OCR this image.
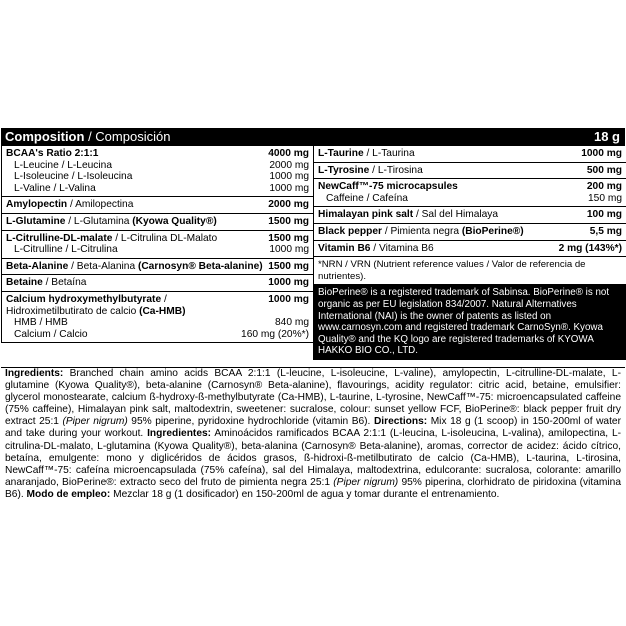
Composition / Composición	18 g
BCAA's Ratio 2:1:1	4000 mg
L-Leucine / L-Leucina	2000 mg
L-Isoleucine / L-Isoleucina	1000 mg
L-Valine / L-Valina	1000 mg
Amylopectin / Amilopectina	2000 mg
L-Glutamine / L-Glutamina (Kyowa Quality®)	1500 mg
L-Citrulline-DL-malate / L-Citrulina DL-Malato	1500 mg
L-Citrulline / L-Citrulina	1000 mg
Beta-Alanine / Beta-Alanina (Carnosyn® Beta-alanine) 1500 mg
Betaine / Betaína	1000 mg
Calcium hydroxymethylbutyrate /	1000 mg
Hidroximetilbutirato de calcio (Ca-HMB)
HMB / HMB	840 mg
Calcium / Calcio	160 mg (20%*)
L-Taurine / L-Taurina	1000 mg
L-Tyrosine / L-Tirosina	500 mg
NewCaff™-75 microcapsules	200 mg
Caffeine / Cafeína	150 mg
Himalayan pink salt / Sal del Himalaya	100 mg
Black pepper / Pimienta negra (BioPerine®)	5,5 mg
Vitamin B6 / Vitamina B6	2 mg (143%*)
*NRN / VRN (Nutrient reference values / Valor de referencia de nutrientes).
BioPerine® is a registered trademark of Sabinsa. BioPerine® is not organic as per EU legislation 834/2007. Natural Alternatives International (NAI) is the owner of patents as listed on www.carnosyn.com and registered trademark CarnoSyn®. Kyowa Quality® and the KQ logo are registered trademarks of KYOWA HAKKO BIO CO., LTD.
Ingredients: Branched chain amino acids BCAA 2:1:1 (L-leucine, L-isoleucine, L-valine), amylopectin, L-citrulline-DL-malate, L-glutamine (Kyowa Quality®), beta-alanine (Carnosyn® Beta-alanine), flavourings, acidity regulator: citric acid, betaine, emulsifier: glycerol monostearate, calcium ß-hydroxy-ß-methylbutyrate (Ca-HMB), L-taurine, L-tyrosine, NewCaff™-75: microencapsulated caffeine (75% caffeine), Himalayan pink salt, maltodextrin, sweetener: sucralose, colour: sunset yellow FCF, BioPerine®: black pepper fruit dry extract 25:1 (Piper nigrum) 95% piperine, pyridoxine hydrochloride (vitamin B6). Directions: Mix 18 g (1 scoop) in 150-200ml of water and take during your workout. Ingredientes: Aminoácidos ramificados BCAA 2:1:1 (L-leucina, L-isoleucina, L-valina), amilopectina, L-citrulina-DL-malato, L-glutamina (Kyowa Quality®), beta-alanina (Carnosyn® Beta-alanine), aromas, corrector de acidez: ácido cítrico, betaína, emulgente: mono y diglicéridos de ácidos grasos, ß-hidroxi-ß-metilbutirato de calcio (Ca-HMB), L-taurina, L-tirosina, NewCaff™-75: cafeína microencapsulada (75% cafeína), sal del Himalaya, maltodextrina, edulcorante: sucralosa, colorante: amarillo anaranjado, BioPerine®: extracto seco del fruto de pimienta negra 25:1 (Piper nigrum) 95% piperina, clorhidrato de piridoxina (vitamina B6). Modo de empleo: Mezclar 18 g (1 dosificador) en 150-200ml de agua y tomar durante el entrenamiento.
